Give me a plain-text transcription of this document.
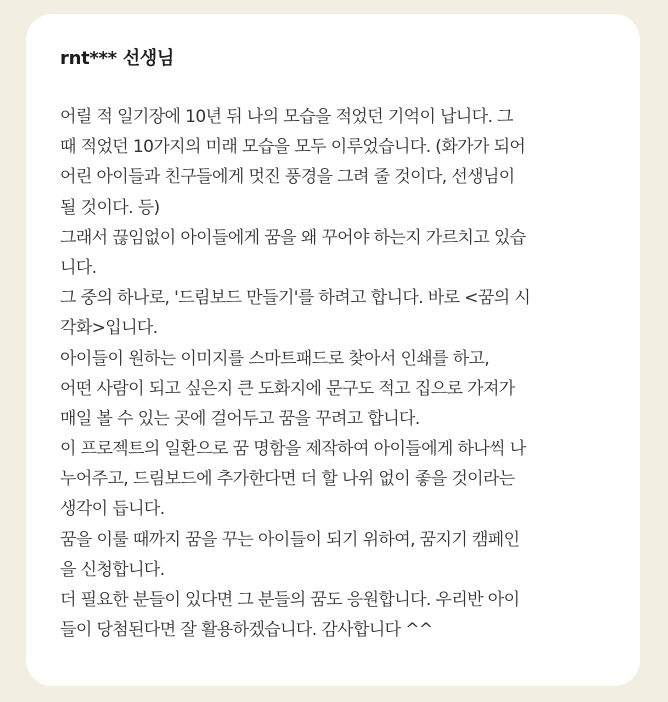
rnt*** 선생님
어릴 적 일기장에 10년 뒤 나의 모습을 적었던 기억이 납니다. 그
때 적었던 10가지의 미래 모습을 모두 이루었습니다. (화가가 되어
어린 아이들과 친구들에게 멋진 풍경을 그려 줄 것이다, 선생님이
될 것이다. 등)
그래서 끊임없이 아이들에게 꿈을 왜 꾸어야 하는지 가르치고 있습
니다.
그 중의 하나로, '드림보드 만들기'를 하려고 합니다. 바로 <꿈의 시
각화>입니다.
아이들이 원하는 이미지를 스마트패드로 찾아서 인쇄를 하고,
어떤 사람이 되고 싶은지 큰 도화지에 문구도 적고 집으로 가져가
매일 볼 수 있는 곳에 걸어두고 꿈을 꾸려고 합니다.
이 프로젝트의 일환으로 꿈 명함을 제작하여 아이들에게 하나씩 나
누어주고, 드림보드에 추가한다면 더 할 나위 없이 좋을 것이라는
생각이 듭니다.
꿈을 이룰 때까지 꿈을 꾸는 아이들이 되기 위하여, 꿈지기 캠페인
을 신청합니다.
더 필요한 분들이 있다면 그 분들의 꿈도 응원합니다. 우리반 아이
들이 당첨된다면 잘 활용하겠습니다. 감사합니다 ^^
